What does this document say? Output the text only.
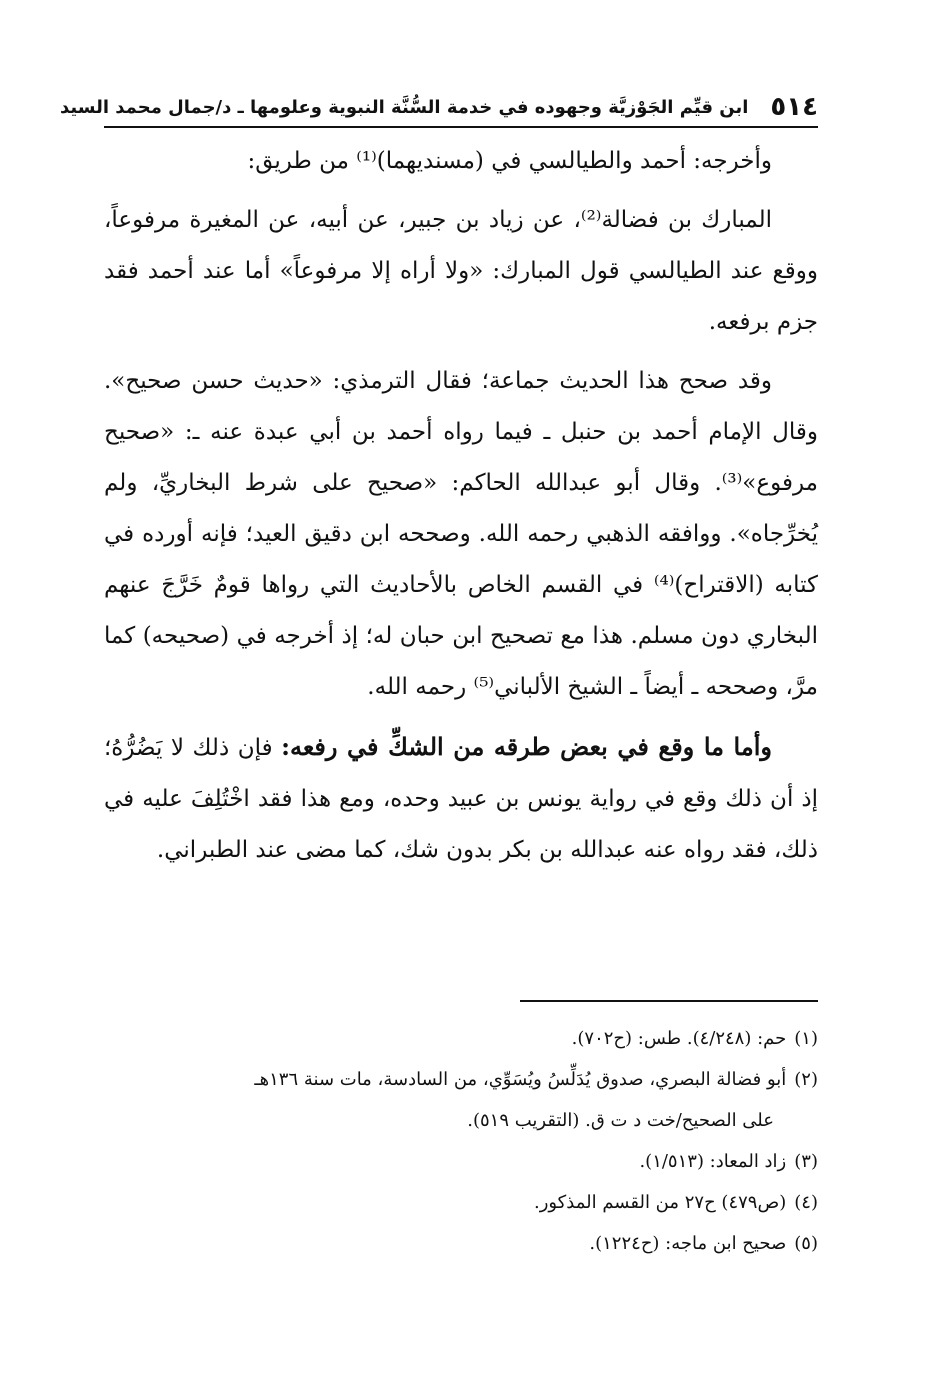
٥١٤
ابن قيِّم الجَوْزيَّة وجهوده في خدمة السُّنَّة النبوية وعلومها ـ د/جمال محمد السيد

وأخرجه: أحمد والطيالسي في (مسنديهما)⁽¹⁾ من طريق:

المبارك بن فضالة⁽²⁾، عن زياد بن جبير، عن أبيه، عن المغيرة مرفوعاً، ووقع عند الطيالسي قول المبارك: «ولا أراه إلا مرفوعاً» أما عند أحمد فقد جزم برفعه.

وقد صحح هذا الحديث جماعة؛ فقال الترمذي: «حديث حسن صحيح». وقال الإمام أحمد بن حنبل ـ فيما رواه أحمد بن أبي عبدة عنه ـ: «صحيح مرفوع»⁽³⁾. وقال أبو عبدالله الحاكم: «صحيح على شرط البخاريِّ، ولم يُخرِّجاه». ووافقه الذهبي رحمه الله. وصححه ابن دقيق العيد؛ فإنه أورده في كتابه (الاقتراح)⁽⁴⁾ في القسم الخاص بالأحاديث التي رواها قومٌ خَرَّجَ عنهم البخاري دون مسلم. هذا مع تصحيح ابن حبان له؛ إذ أخرجه في (صحيحه) كما مرَّ، وصححه ـ أيضاً ـ الشيخ الألباني⁽⁵⁾ رحمه الله.

وأما ما وقع في بعض طرقه من الشكِّ في رفعه: فإن ذلك لا يَضُرُّهُ؛ إذ أن ذلك وقع في رواية يونس بن عبيد وحده، ومع هذا فقد اخْتُلِفَ عليه في ذلك، فقد رواه عنه عبدالله بن بكر بدون شك، كما مضى عند الطبراني.

(١)حم: (٤/٢٤٨). طس: (ح٧٠٢).
(٢)أبو فضالة البصري، صدوق يُدَلِّسُ ويُسَوِّي، من السادسة، مات سنة ١٣٦هـ
على الصحيح/خت د ت ق. (التقريب ٥١٩).
(٣)زاد المعاد: (١/٥١٣).
(٤)(ص٤٧٩) ح٢٧ من القسم المذكور.
(٥)صحيح ابن ماجه: (ح١٢٢٤).
